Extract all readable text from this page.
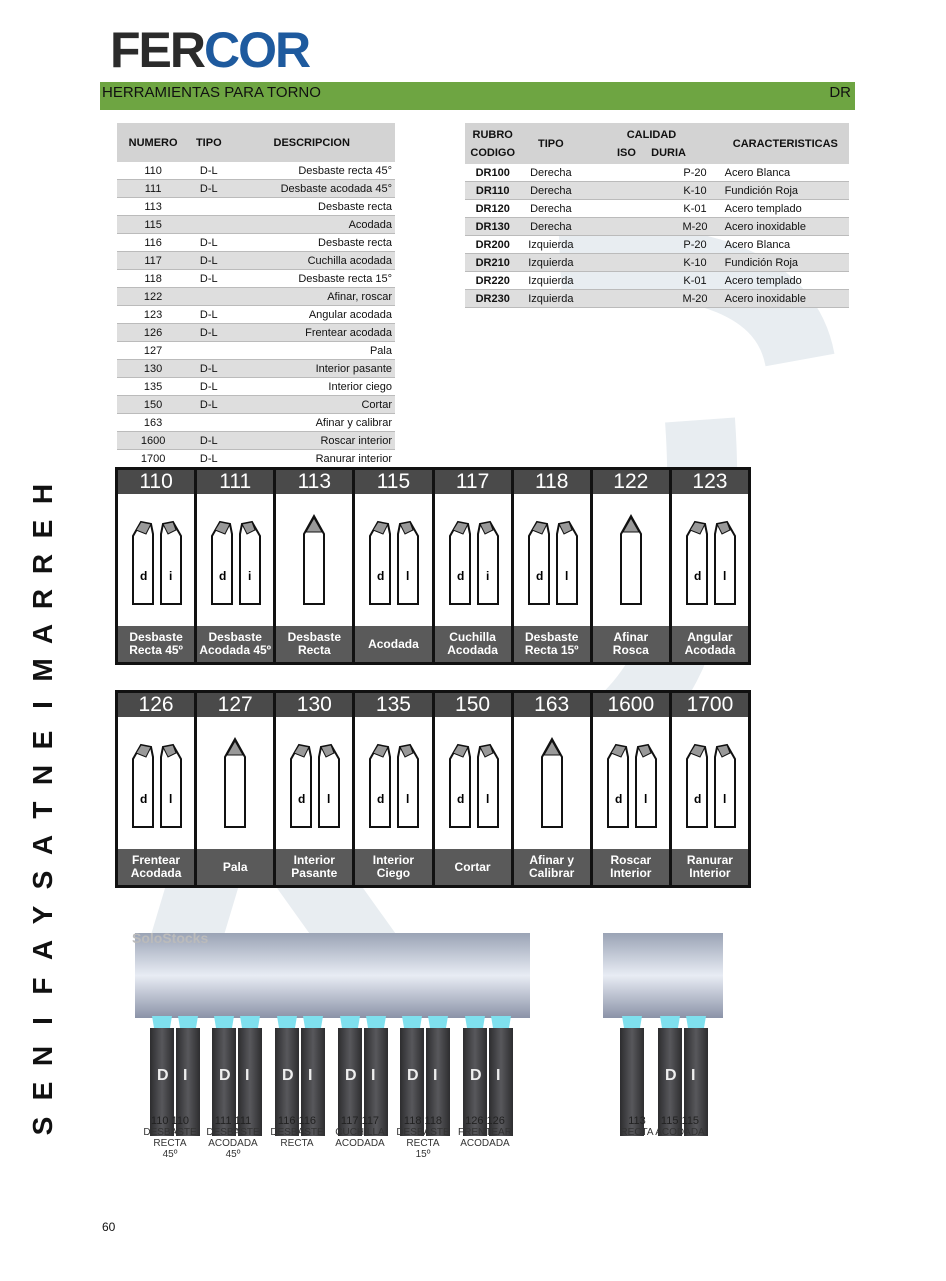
FERCOR
HERRAMIENTAS PARA TORNO	DR
H
E
R
R
A
M
I
E
N
T
A
S
Y
A
F
I
N
E
S
NUMERO	TIPO	DESCRIPCION
110	D-L	Desbaste recta 45°
111	D-L	Desbaste acodada 45°
113		Desbaste recta
115		Acodada
116	D-L	Desbaste recta
117	D-L	Cuchilla acodada
118	D-L	Desbaste recta 15°
122		Afinar, roscar
123	D-L	Angular acodada
126	D-L	Frentear acodada
127		Pala
130	D-L	Interior pasante
135	D-L	Interior ciego
150	D-L	Cortar
163		Afinar y calibrar
1600	D-L	Roscar interior
1700	D-L	Ranurar interior
RUBRO
CODIGO	TIPO	CALIDAD
ISO DURIA	CARACTERISTICAS
DR100	Derecha	P-20	Acero Blanca
DR110	Derecha	K-10	Fundición Roja
DR120	Derecha	K-01	Acero templado
DR130	Derecha	M-20	Acero inoxidable
DR200	Izquierda	P-20	Acero Blanca
DR210	Izquierda	K-10	Fundición Roja
DR220	Izquierda	K-01	Acero templado
DR230	Izquierda	M-20	Acero inoxidable
110
d i
Desbaste
Recta 45º
111
d i
Desbaste
Acodada 45º
113
Desbaste
Recta
115
d l
Acodada

117
d i
Cuchilla
Acodada
118
d l
Desbaste
Recta 15º
122
Afinar
Rosca
123
d l
Angular
Acodada
126
d l
Frentear
Acodada
127
Pala

130
d l
Interior
Pasante
135
d l
Interior
Ciego
150
d l
Cortar

163
Afinar y
Calibrar
1600
d l
Roscar
Interior
1700
d l
Ranurar
Interior
D I D I D I D I D I D I	D I
SoloStocks
110 110
DESBASTE
RECTA
45º
111 111
DESBASTE
ACODADA
45º
116 116
DESBASTE
RECTA
117 117
CUCHILLA
ACODADA
118 118
DESBASTE
RECTA
15º
126 126
FRENTEAR
ACODADA
113
RECTA
115 115
ACODADA
60
